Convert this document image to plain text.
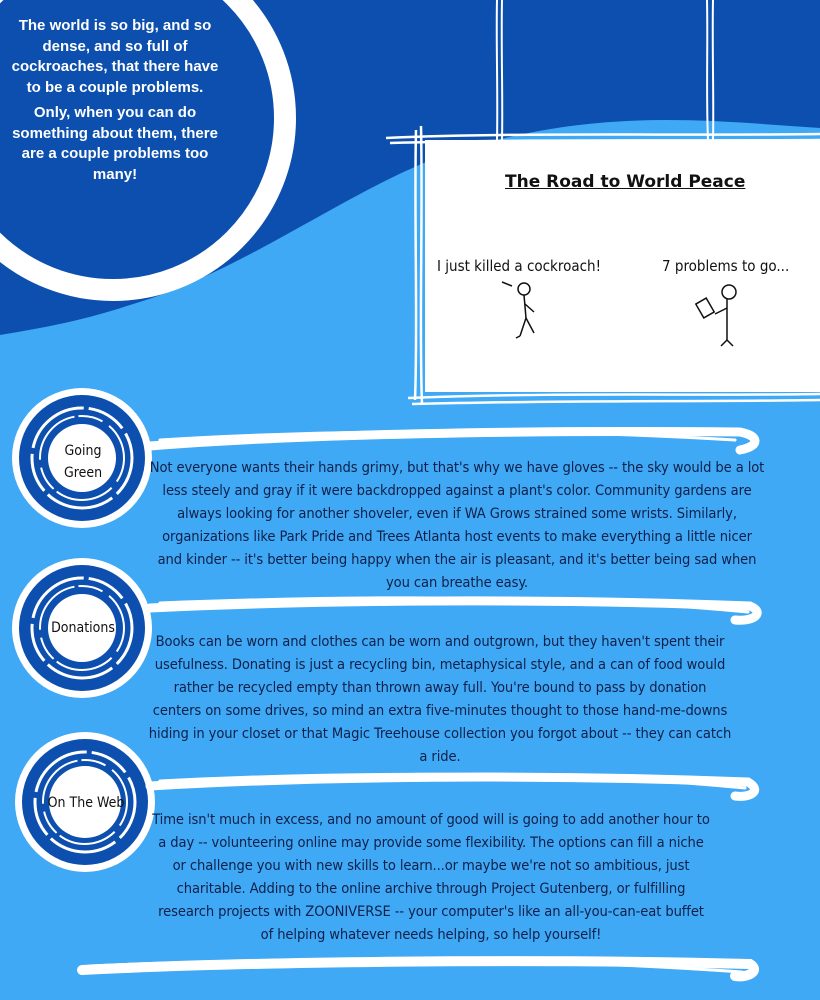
The world is so big, and so dense, and so full of cockroaches, that there have to be a couple problems.

Only, when you can do something about them, there are a couple problems too many!	The Road to World Peace
I just killed a cockroach!	7 problems to go...
Going Green
Donations
On The Web
Not everyone wants their hands grimy, but that's why we have gloves -- the sky would be a lot less steely and gray if it were backdropped against a plant's color. Community gardens are always looking for another shoveler, even if WA Grows strained some wrists. Similarly, organizations like Park Pride and Trees Atlanta host events to make everything a little nicer and kinder -- it's better being happy when the air is pleasant, and it's better being sad when you can breathe easy.
Books can be worn and clothes can be worn and outgrown, but they haven't spent their usefulness. Donating is just a recycling bin, metaphysical style, and a can of food would rather be recycled empty than thrown away full. You're bound to pass by donation centers on some drives, so mind an extra five-minutes thought to those hand-me-downs hiding in your closet or that Magic Treehouse collection you forgot about -- they can catch a ride.
Time isn't much in excess, and no amount of good will is going to add another hour to a day -- volunteering online may provide some flexibility. The options can fill a niche or challenge you with new skills to learn...or maybe we're not so ambitious, just charitable. Adding to the online archive through Project Gutenberg, or fulfilling research projects with ZOONIVERSE -- your computer's like an all-you-can-eat buffet of helping whatever needs helping, so help yourself!
